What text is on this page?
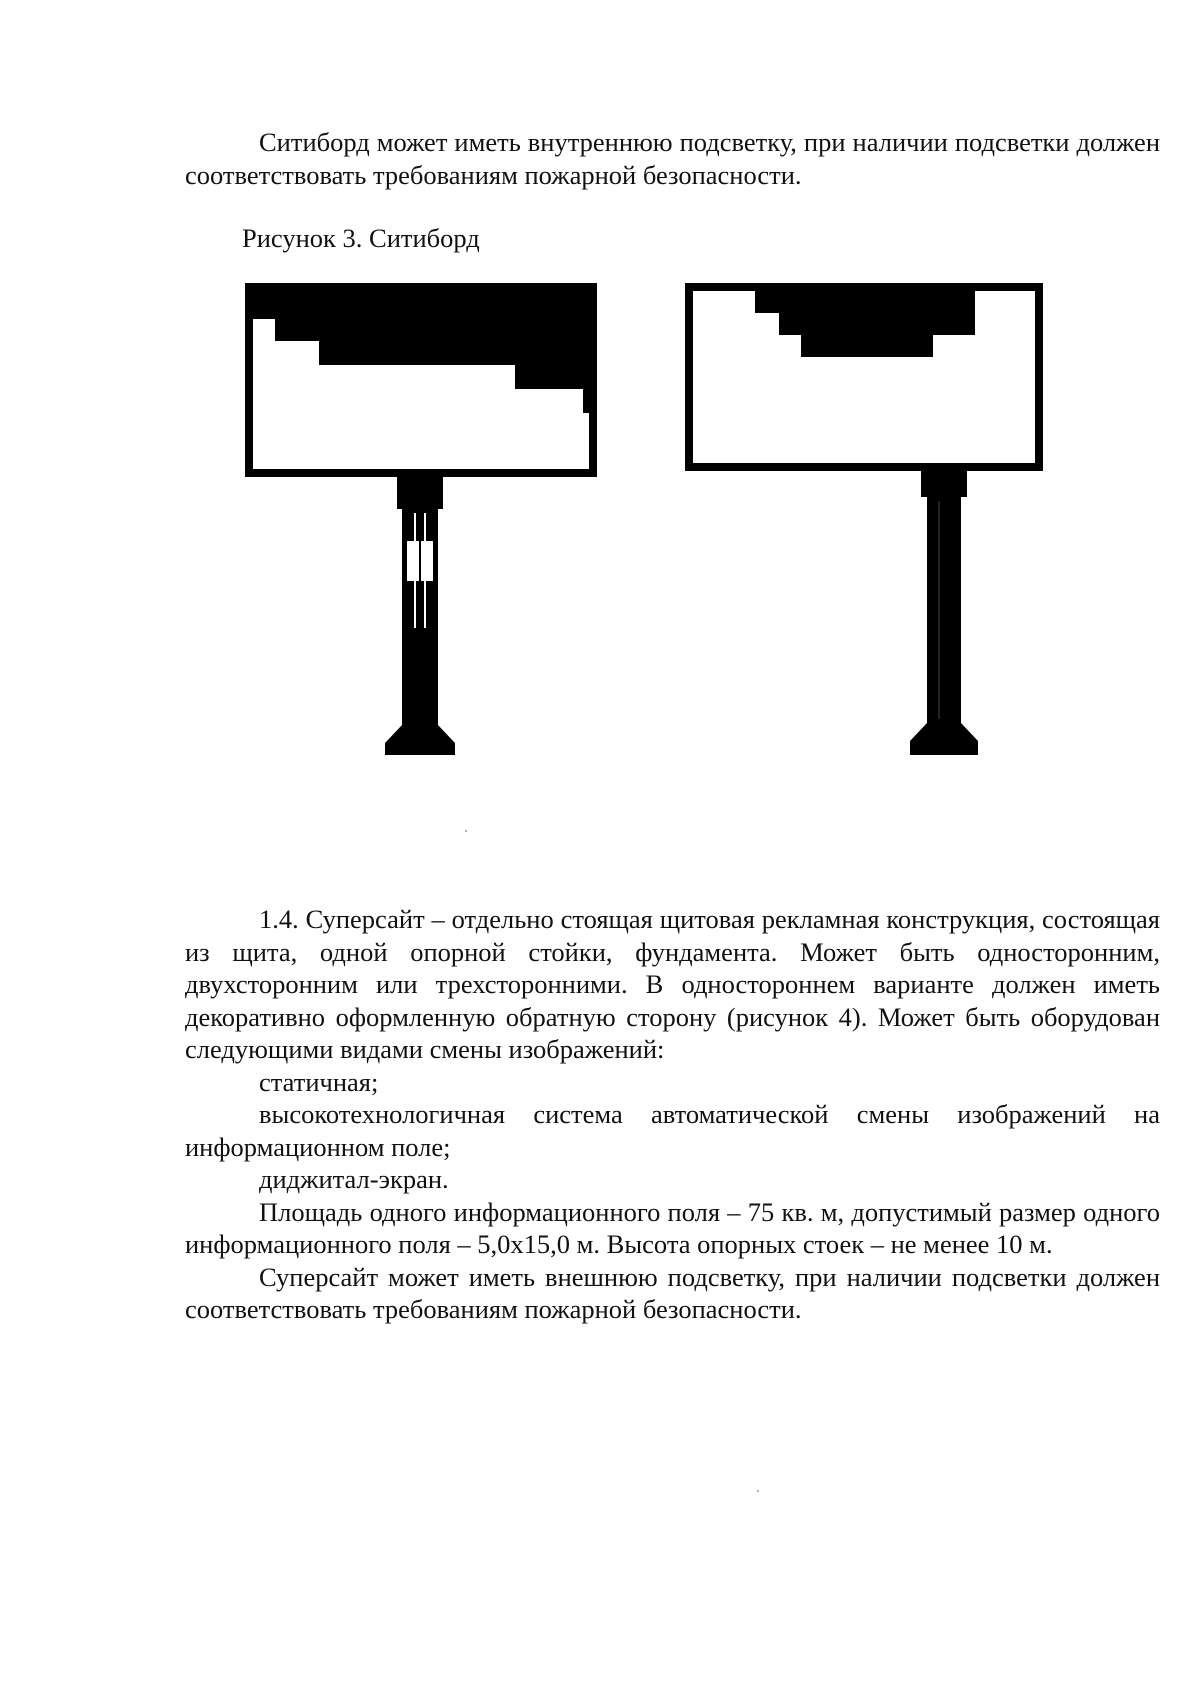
Ситиборд может иметь внутреннюю подсветку, при наличии подсветки должен соответствовать требованиям пожарной безопасности.

Рисунок 3. Ситиборд

1.4. Суперсайт – отдельно стоящая щитовая рекламная конструкция, состоящая из щита, одной опорной стойки, фундамента. Может быть односторонним, двухсторонним или трехсторонними. В одностороннем варианте должен иметь декоративно оформленную обратную сторону (рисунок 4). Может быть оборудован следующими видами смены изображений:

статичная;

высокотехнологичная система автоматической смены изображений на информационном поле;

диджитал-экран.

Площадь одного информационного поля – 75 кв. м, допустимый размер одного информационного поля – 5,0х15,0 м. Высота опорных стоек – не менее 10 м.

Суперсайт может иметь внешнюю подсветку, при наличии подсветки должен соответствовать требованиям пожарной безопасности.
